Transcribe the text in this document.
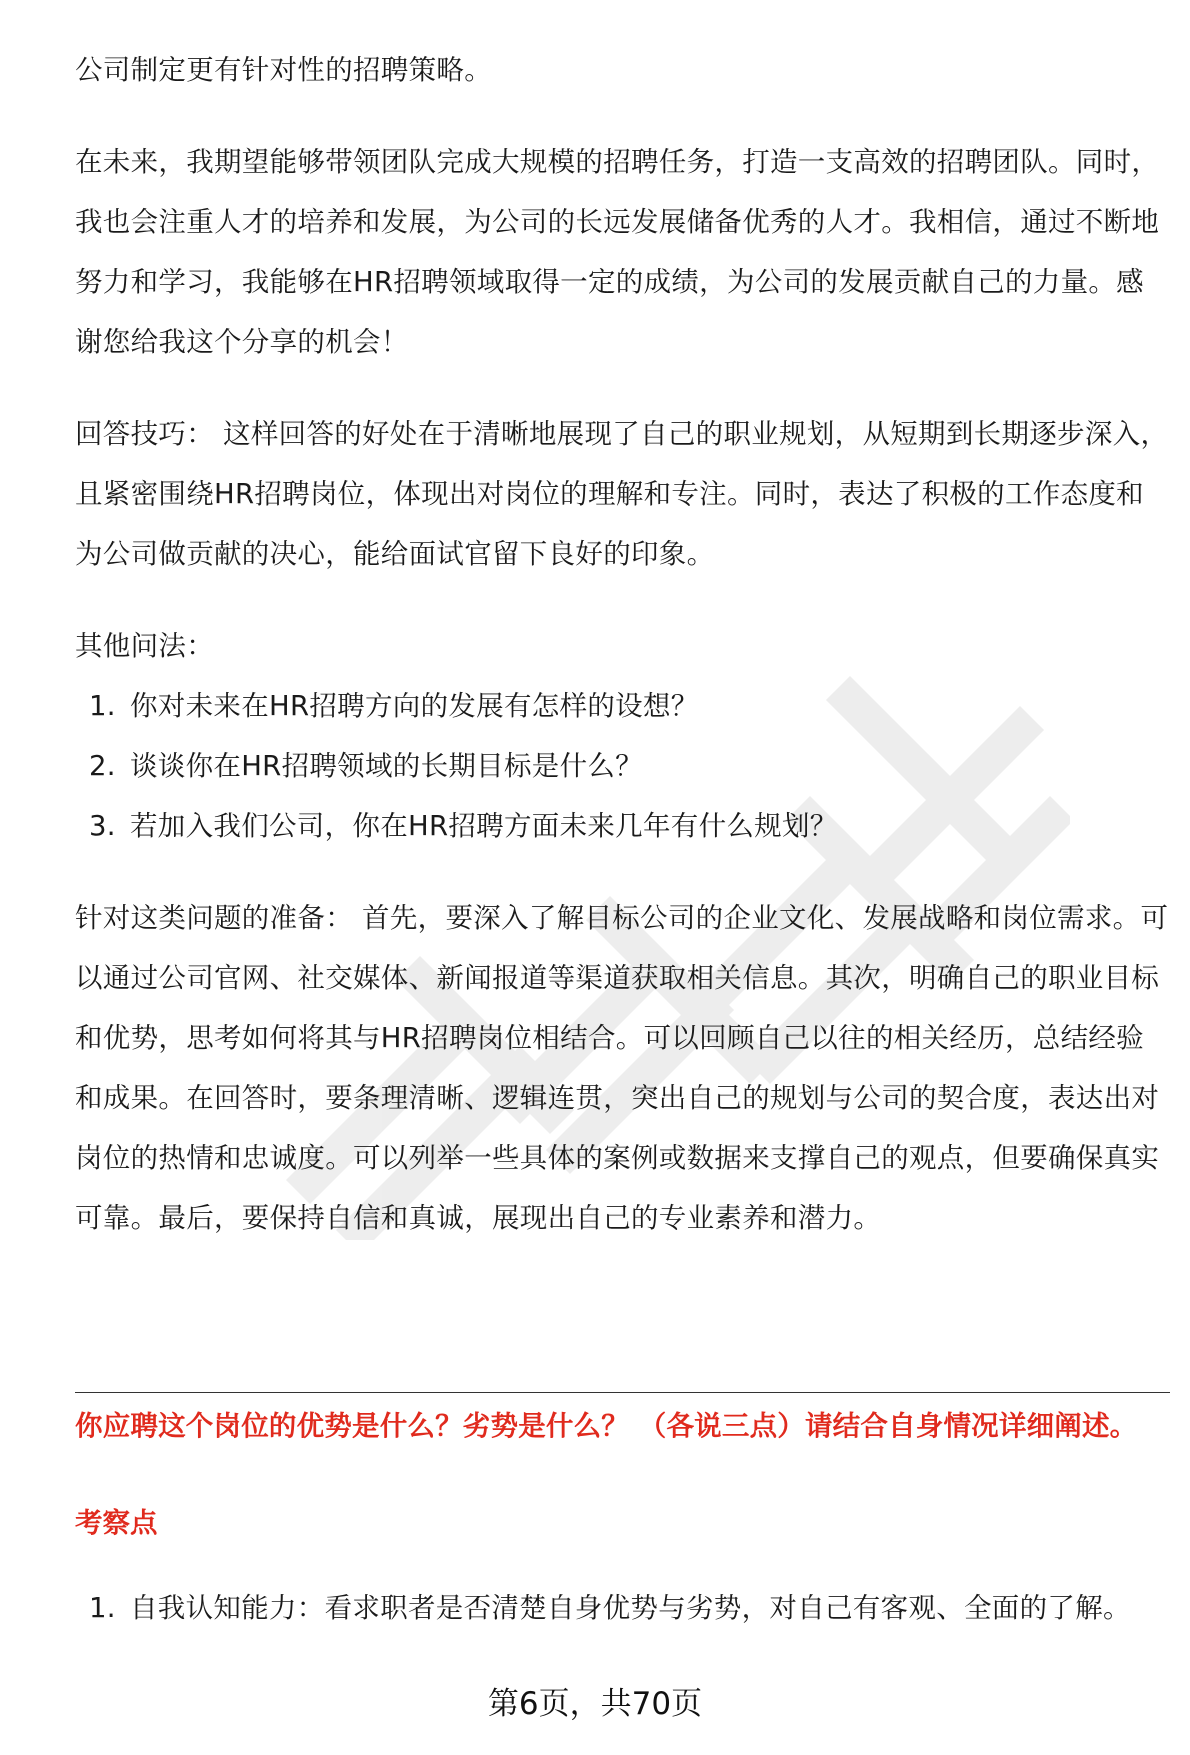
公司制定更有针对性的招聘策略。

在未来，我期望能够带领团队完成大规模的招聘任务，打造一支高效的招聘团队。同时，我也会注重人才的培养和发展，为公司的长远发展储备优秀的人才。我相信，通过不断地努力和学习，我能够在HR招聘领域取得一定的成绩，为公司的发展贡献自己的力量。感谢您给我这个分享的机会！

回答技巧： 这样回答的好处在于清晰地展现了自己的职业规划，从短期到长期逐步深入，且紧密围绕HR招聘岗位，体现出对岗位的理解和专注。同时，表达了积极的工作态度和为公司做贡献的决心，能给面试官留下良好的印象。

其他问法：

1. 你对未来在HR招聘方向的发展有怎样的设想？
2. 谈谈你在HR招聘领域的长期目标是什么？
3. 若加入我们公司，你在HR招聘方面未来几年有什么规划？

针对这类问题的准备： 首先，要深入了解目标公司的企业文化、发展战略和岗位需求。可以通过公司官网、社交媒体、新闻报道等渠道获取相关信息。其次，明确自己的职业目标和优势，思考如何将其与HR招聘岗位相结合。可以回顾自己以往的相关经历，总结经验和成果。在回答时，要条理清晰、逻辑连贯，突出自己的规划与公司的契合度，表达出对岗位的热情和忠诚度。可以列举一些具体的案例或数据来支撑自己的观点，但要确保真实可靠。最后，要保持自信和真诚，展现出自己的专业素养和潜力。

你应聘这个岗位的优势是什么？劣势是什么？ （各说三点）请结合自身情况详细阐述。

考察点

1. 自我认知能力：看求职者是否清楚自身优势与劣势，对自己有客观、全面的了解。
第6页，共70页
